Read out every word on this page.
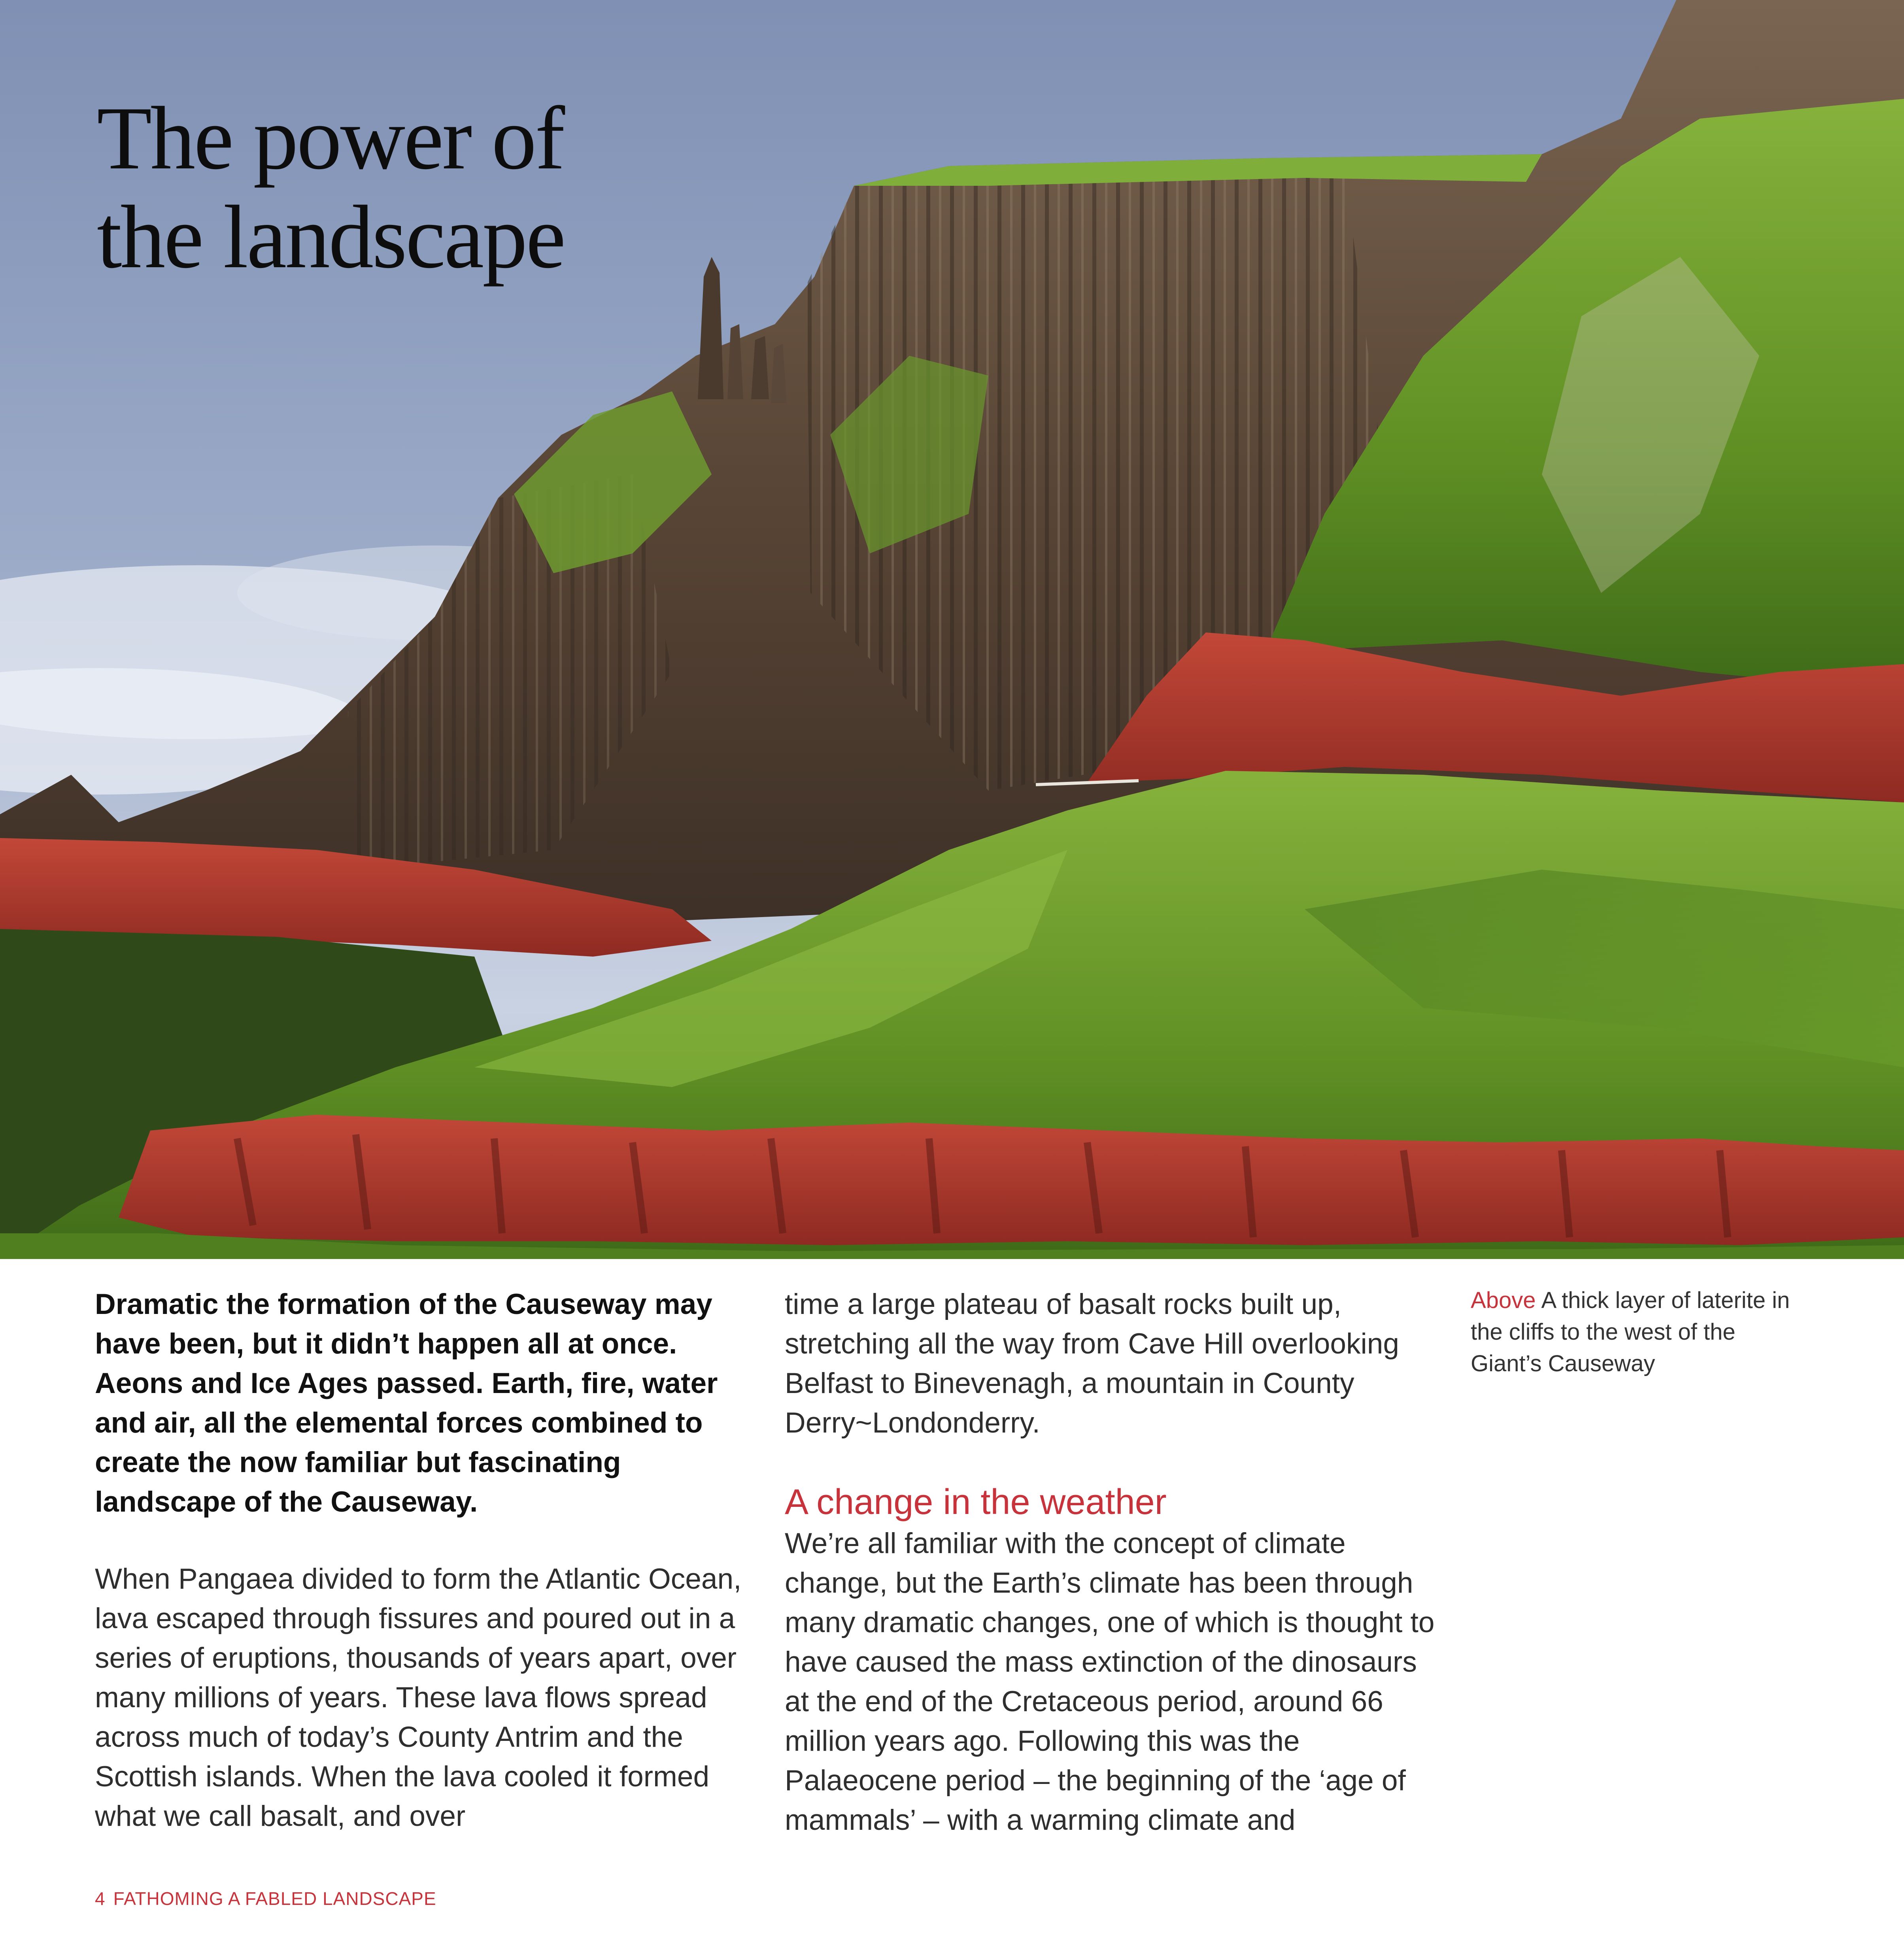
The power of
the landscape

Dramatic the formation of the Causeway may have been, but it didn’t happen all at once. Aeons and Ice Ages passed. Earth, fire, water and air, all the elemental forces combined to create the now familiar but fascinating landscape of the Causeway.

When Pangaea divided to form the Atlantic Ocean, lava escaped through fissures and poured out in a series of eruptions, thousands of years apart, over many millions of years. These lava flows spread across much of today’s County Antrim and the Scottish islands. When the lava cooled it formed what we call basalt, and over

time a large plateau of basalt rocks built up, stretching all the way from Cave Hill overlooking Belfast to Binevenagh, a mountain in County Derry~Londonderry.

A change in the weather

We’re all familiar with the concept of climate change, but the Earth’s climate has been through many dramatic changes, one of which is thought to have caused the mass extinction of the dinosaurs at the end of the Cretaceous period, around 66 million years ago. Following this was the Palaeocene period – the beginning of the ‘age of mammals’ – with a warming climate and

Above A thick layer of laterite in the cliffs to the west of the Giant’s Causeway

4 FATHOMING A FABLED LANDSCAPE
